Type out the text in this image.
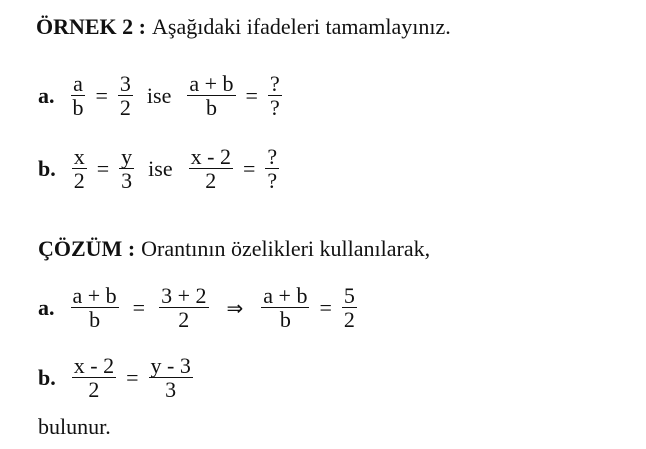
ÖRNEK 2 : Aşağıdaki ifadeleri tamamlayınız.
a. $\frac{a}{b} = \frac{3}{2}$ ise $\frac{a + b}{b} = \frac{?}{?}$
b. $\frac{x}{2} = \frac{y}{3}$ ise $\frac{x - 2}{2} = \frac{?}{?}$
ÇÖZÜM : Orantının özelikleri kullanılarak,
a. $\frac{a + b}{b} = \frac{3 + 2}{2}$ ⇒ $\frac{a + b}{b} = \frac{5}{2}$
b. $\frac{x - 2}{2} = \frac{y - 3}{3}$
bulunur.
